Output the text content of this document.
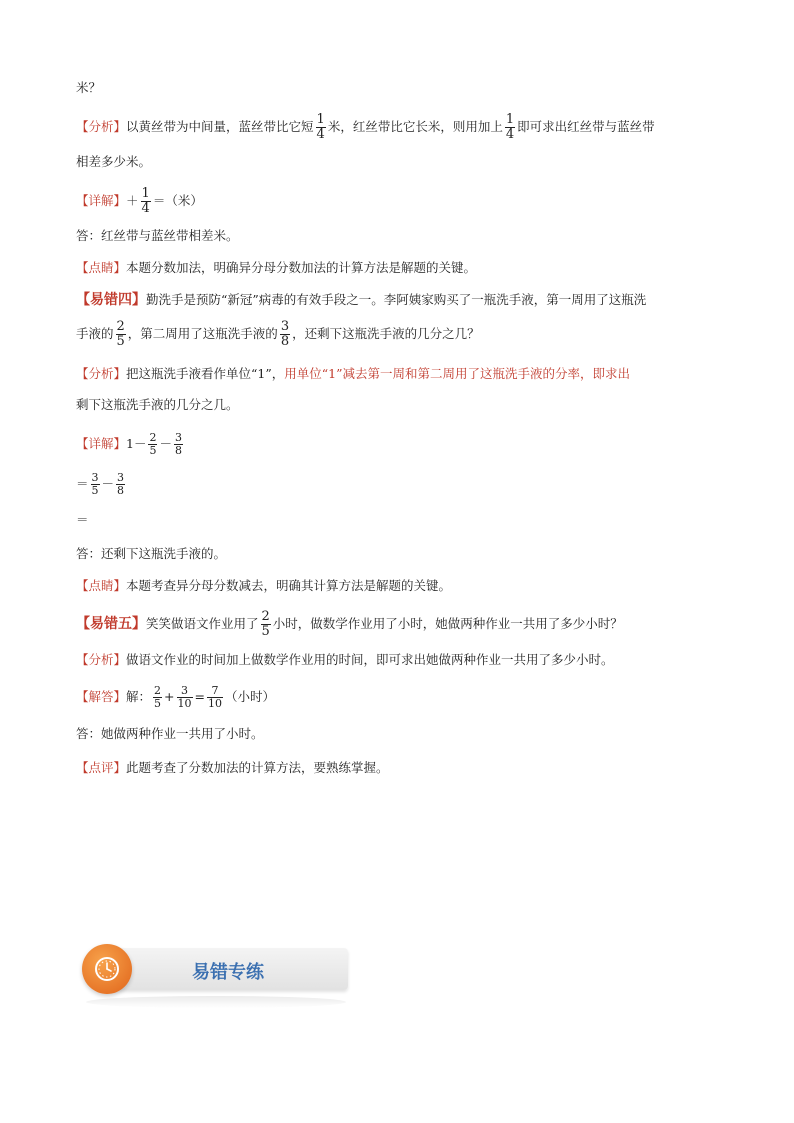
米？
【分析】以黄丝带为中间量，蓝丝带比它短 $\frac{1}{4}$ 米，红丝带比它长米，则用加上 $\frac{1}{4}$ 即可求出红丝带与蓝丝带
相差多少米。
【详解】＋ $\frac{1}{4}$ ＝（米）
答：红丝带与蓝丝带相差米。
【点睛】本题分数加法，明确异分母分数加法的计算方法是解题的关键。
【易错四】勤洗手是预防“新冠”病毒的有效手段之一。李阿姨家购买了一瓶洗手液，第一周用了这瓶洗
手液的 $\frac{2}{5}$ ，第二周用了这瓶洗手液的 $\frac{3}{8}$ ，还剩下这瓶洗手液的几分之几？
【分析】把这瓶洗手液看作单位“1”，用单位“1”减去第一周和第二周用了这瓶洗手液的分率，即求出
剩下这瓶洗手液的几分之几。
【详解】$1- \frac{2}{5} - \frac{3}{8}$
＝ $\frac{3}{5} - \frac{3}{8}$
＝
答：还剩下这瓶洗手液的。
【点睛】本题考查异分母分数减去，明确其计算方法是解题的关键。
【易错五】笑笑做语文作业用了 $\frac{2}{5}$ 小时，做数学作业用了小时，她做两种作业一共用了多少小时？
【分析】做语文作业的时间加上做数学作业用的时间，即可求出她做两种作业一共用了多少小时。
【解答】解： $\frac{2}{5} + \frac{3}{10} = \frac{7}{10}$ （小时）
答：她做两种作业一共用了小时。
【点评】此题考查了分数加法的计算方法，要熟练掌握。
易错专练
